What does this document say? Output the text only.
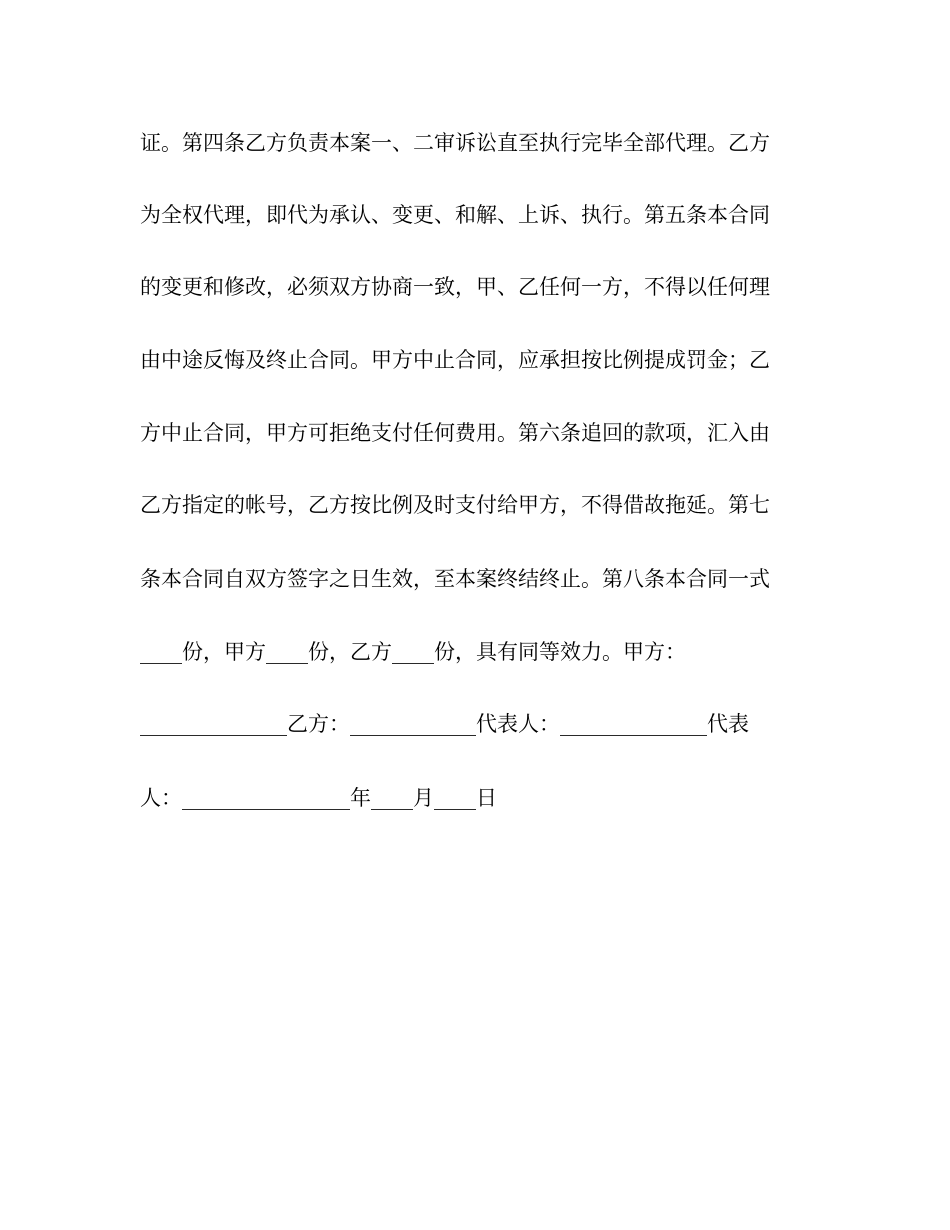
证。第四条乙方负责本案一、二审诉讼直至执行完毕全部代理。乙方
为全权代理，即代为承认、变更、和解、上诉、执行。第五条本合同
的变更和修改，必须双方协商一致，甲、乙任何一方，不得以任何理
由中途反悔及终止合同。甲方中止合同，应承担按比例提成罚金；乙
方中止合同，甲方可拒绝支付任何费用。第六条追回的款项，汇入由
乙方指定的帐号，乙方按比例及时支付给甲方，不得借故拖延。第七
条本合同自双方签字之日生效，至本案终结终止。第八条本合同一式
____份，甲方____份，乙方____份，具有同等效力。甲方：
______________乙方：____________代表人：______________代表
人：________________年____月____日
